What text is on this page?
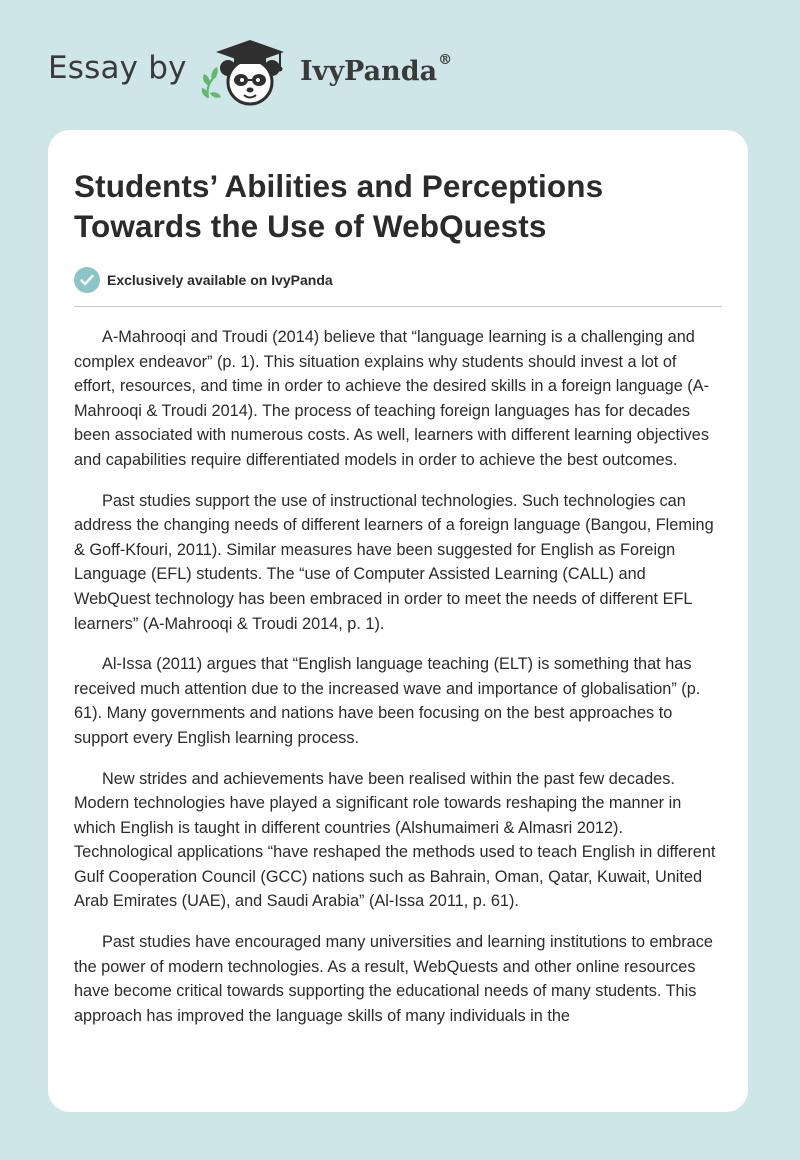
Essay by	IvyPanda®
Students’ Abilities and Perceptions Towards the Use of WebQuests
Exclusively available on IvyPanda

A-Mahrooqi and Troudi (2014) believe that “language learning is a challenging and complex endeavor” (p. 1). This situation explains why students should invest a lot of effort, resources, and time in order to achieve the desired skills in a foreign language (A-Mahrooqi & Troudi 2014). The process of teaching foreign languages has for decades been associated with numerous costs. As well, learners with different learning objectives and capabilities require differentiated models in order to achieve the best outcomes.

Past studies support the use of instructional technologies. Such technologies can address the changing needs of different learners of a foreign language (Bangou, Fleming & Goff-Kfouri, 2011). Similar measures have been suggested for English as Foreign Language (EFL) students. The “use of Computer Assisted Learning (CALL) and WebQuest technology has been embraced in order to meet the needs of different EFL learners” (A-Mahrooqi & Troudi 2014, p. 1).

Al-Issa (2011) argues that “English language teaching (ELT) is something that has received much attention due to the increased wave and importance of globalisation” (p. 61). Many governments and nations have been focusing on the best approaches to support every English learning process.

New strides and achievements have been realised within the past few decades. Modern technologies have played a significant role towards reshaping the manner in which English is taught in different countries (Alshumaimeri & Almasri 2012). Technological applications “have reshaped the methods used to teach English in different Gulf Cooperation Council (GCC) nations such as Bahrain, Oman, Qatar, Kuwait, United Arab Emirates (UAE), and Saudi Arabia” (Al-Issa 2011, p. 61).

Past studies have encouraged many universities and learning institutions to embrace the power of modern technologies. As a result, WebQuests and other online resources have become critical towards supporting the educational needs of many students. This approach has improved the language skills of many individuals in the
